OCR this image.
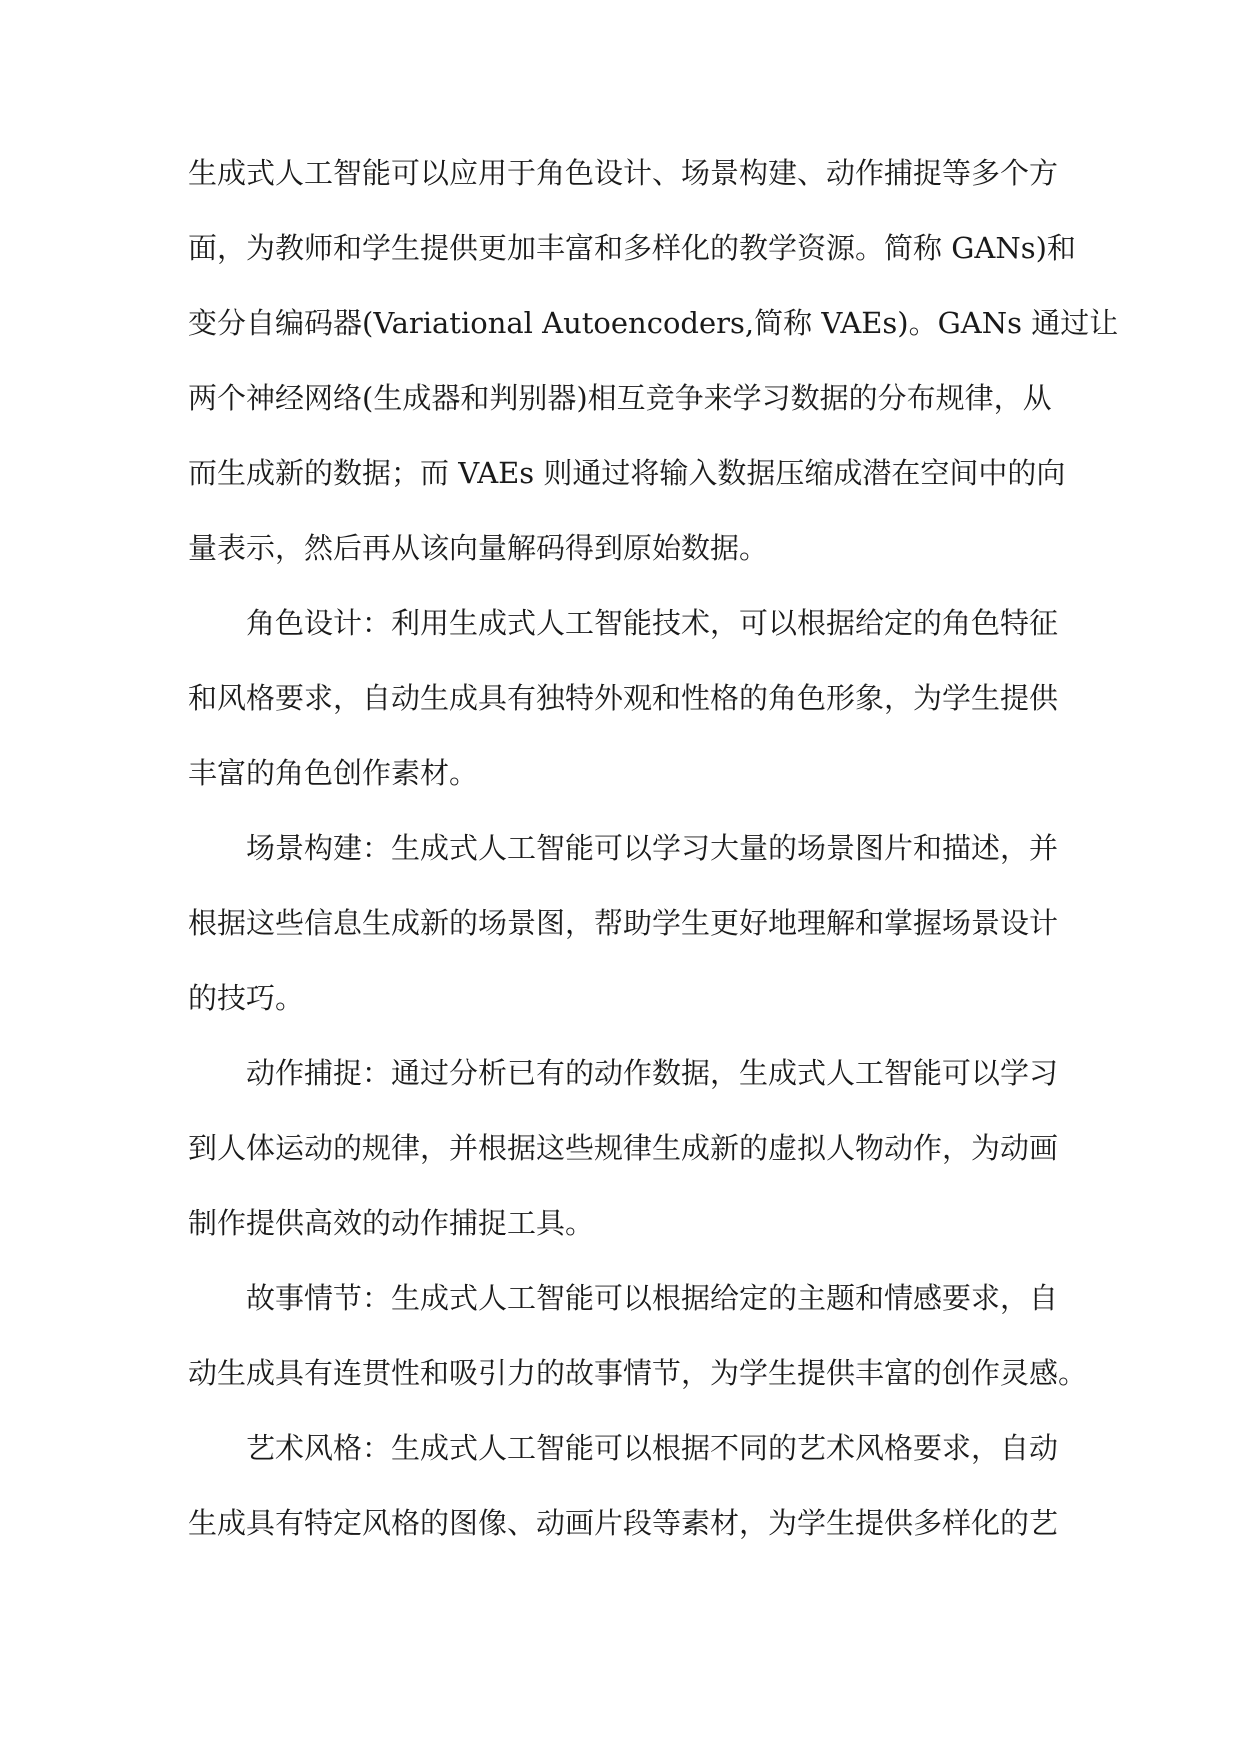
生成式人工智能可以应用于角色设计、场景构建、动作捕捉等多个方
面，为教师和学生提供更加丰富和多样化的教学资源。简称 GANs)和
变分自编码器(Variational Autoencoders,简称 VAEs)。GANs 通过让
两个神经网络(生成器和判别器)相互竞争来学习数据的分布规律，从
而生成新的数据；而 VAEs 则通过将输入数据压缩成潜在空间中的向
量表示，然后再从该向量解码得到原始数据。
角色设计：利用生成式人工智能技术，可以根据给定的角色特征
和风格要求，自动生成具有独特外观和性格的角色形象，为学生提供
丰富的角色创作素材。
场景构建：生成式人工智能可以学习大量的场景图片和描述，并
根据这些信息生成新的场景图，帮助学生更好地理解和掌握场景设计
的技巧。
动作捕捉：通过分析已有的动作数据，生成式人工智能可以学习
到人体运动的规律，并根据这些规律生成新的虚拟人物动作，为动画
制作提供高效的动作捕捉工具。
故事情节：生成式人工智能可以根据给定的主题和情感要求，自
动生成具有连贯性和吸引力的故事情节，为学生提供丰富的创作灵感。
艺术风格：生成式人工智能可以根据不同的艺术风格要求，自动
生成具有特定风格的图像、动画片段等素材，为学生提供多样化的艺
